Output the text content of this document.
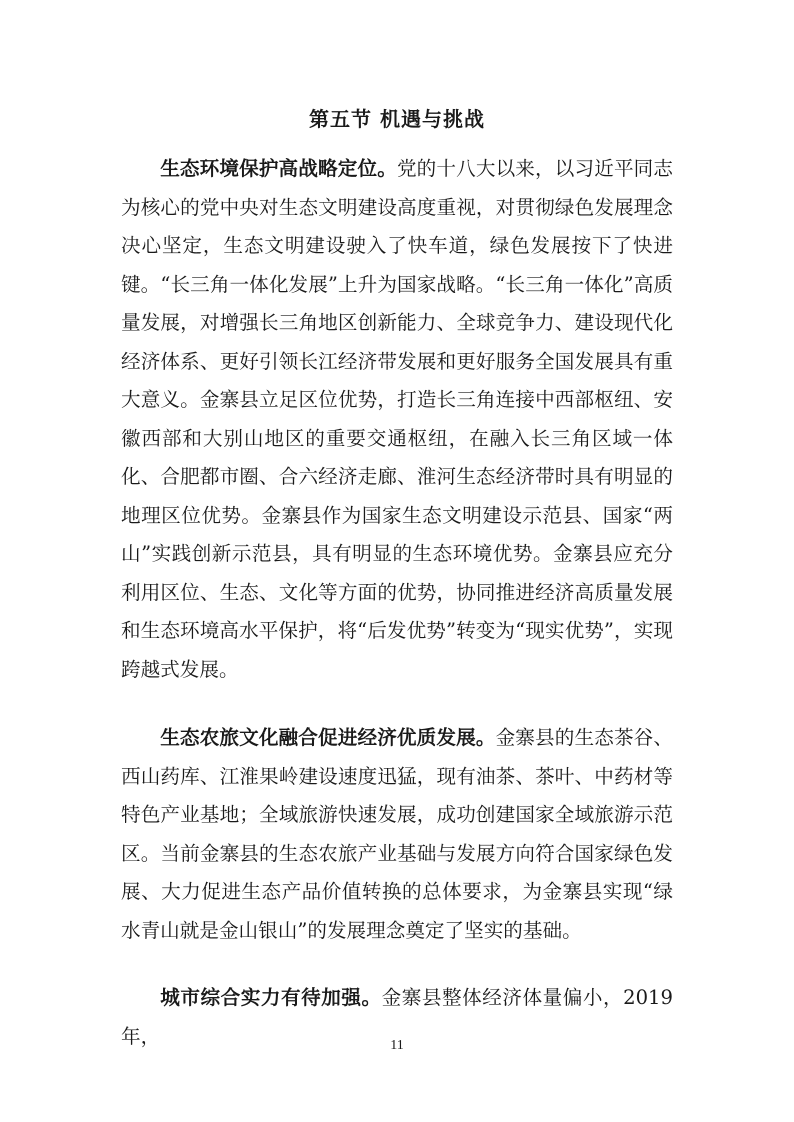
第五节 机遇与挑战

生态环境保护高战略定位。党的十八大以来，以习近平同志为核心的党中央对生态文明建设高度重视，对贯彻绿色发展理念决心坚定，生态文明建设驶入了快车道，绿色发展按下了快进键。“长三角一体化发展”上升为国家战略。“长三角一体化”高质量发展，对增强长三角地区创新能力、全球竞争力、建设现代化经济体系、更好引领长江经济带发展和更好服务全国发展具有重大意义。金寨县立足区位优势，打造长三角连接中西部枢纽、安徽西部和大别山地区的重要交通枢纽，在融入长三角区域一体化、合肥都市圈、合六经济走廊、淮河生态经济带时具有明显的地理区位优势。金寨县作为国家生态文明建设示范县、国家“两山”实践创新示范县，具有明显的生态环境优势。金寨县应充分利用区位、生态、文化等方面的优势，协同推进经济高质量发展和生态环境高水平保护，将“后发优势”转变为“现实优势”，实现跨越式发展。

生态农旅文化融合促进经济优质发展。金寨县的生态茶谷、西山药库、江淮果岭建设速度迅猛，现有油茶、茶叶、中药材等特色产业基地；全域旅游快速发展，成功创建国家全域旅游示范区。当前金寨县的生态农旅产业基础与发展方向符合国家绿色发展、大力促进生态产品价值转换的总体要求，为金寨县实现“绿水青山就是金山银山”的发展理念奠定了坚实的基础。

城市综合实力有待加强。金寨县整体经济体量偏小，2019 年，	11
